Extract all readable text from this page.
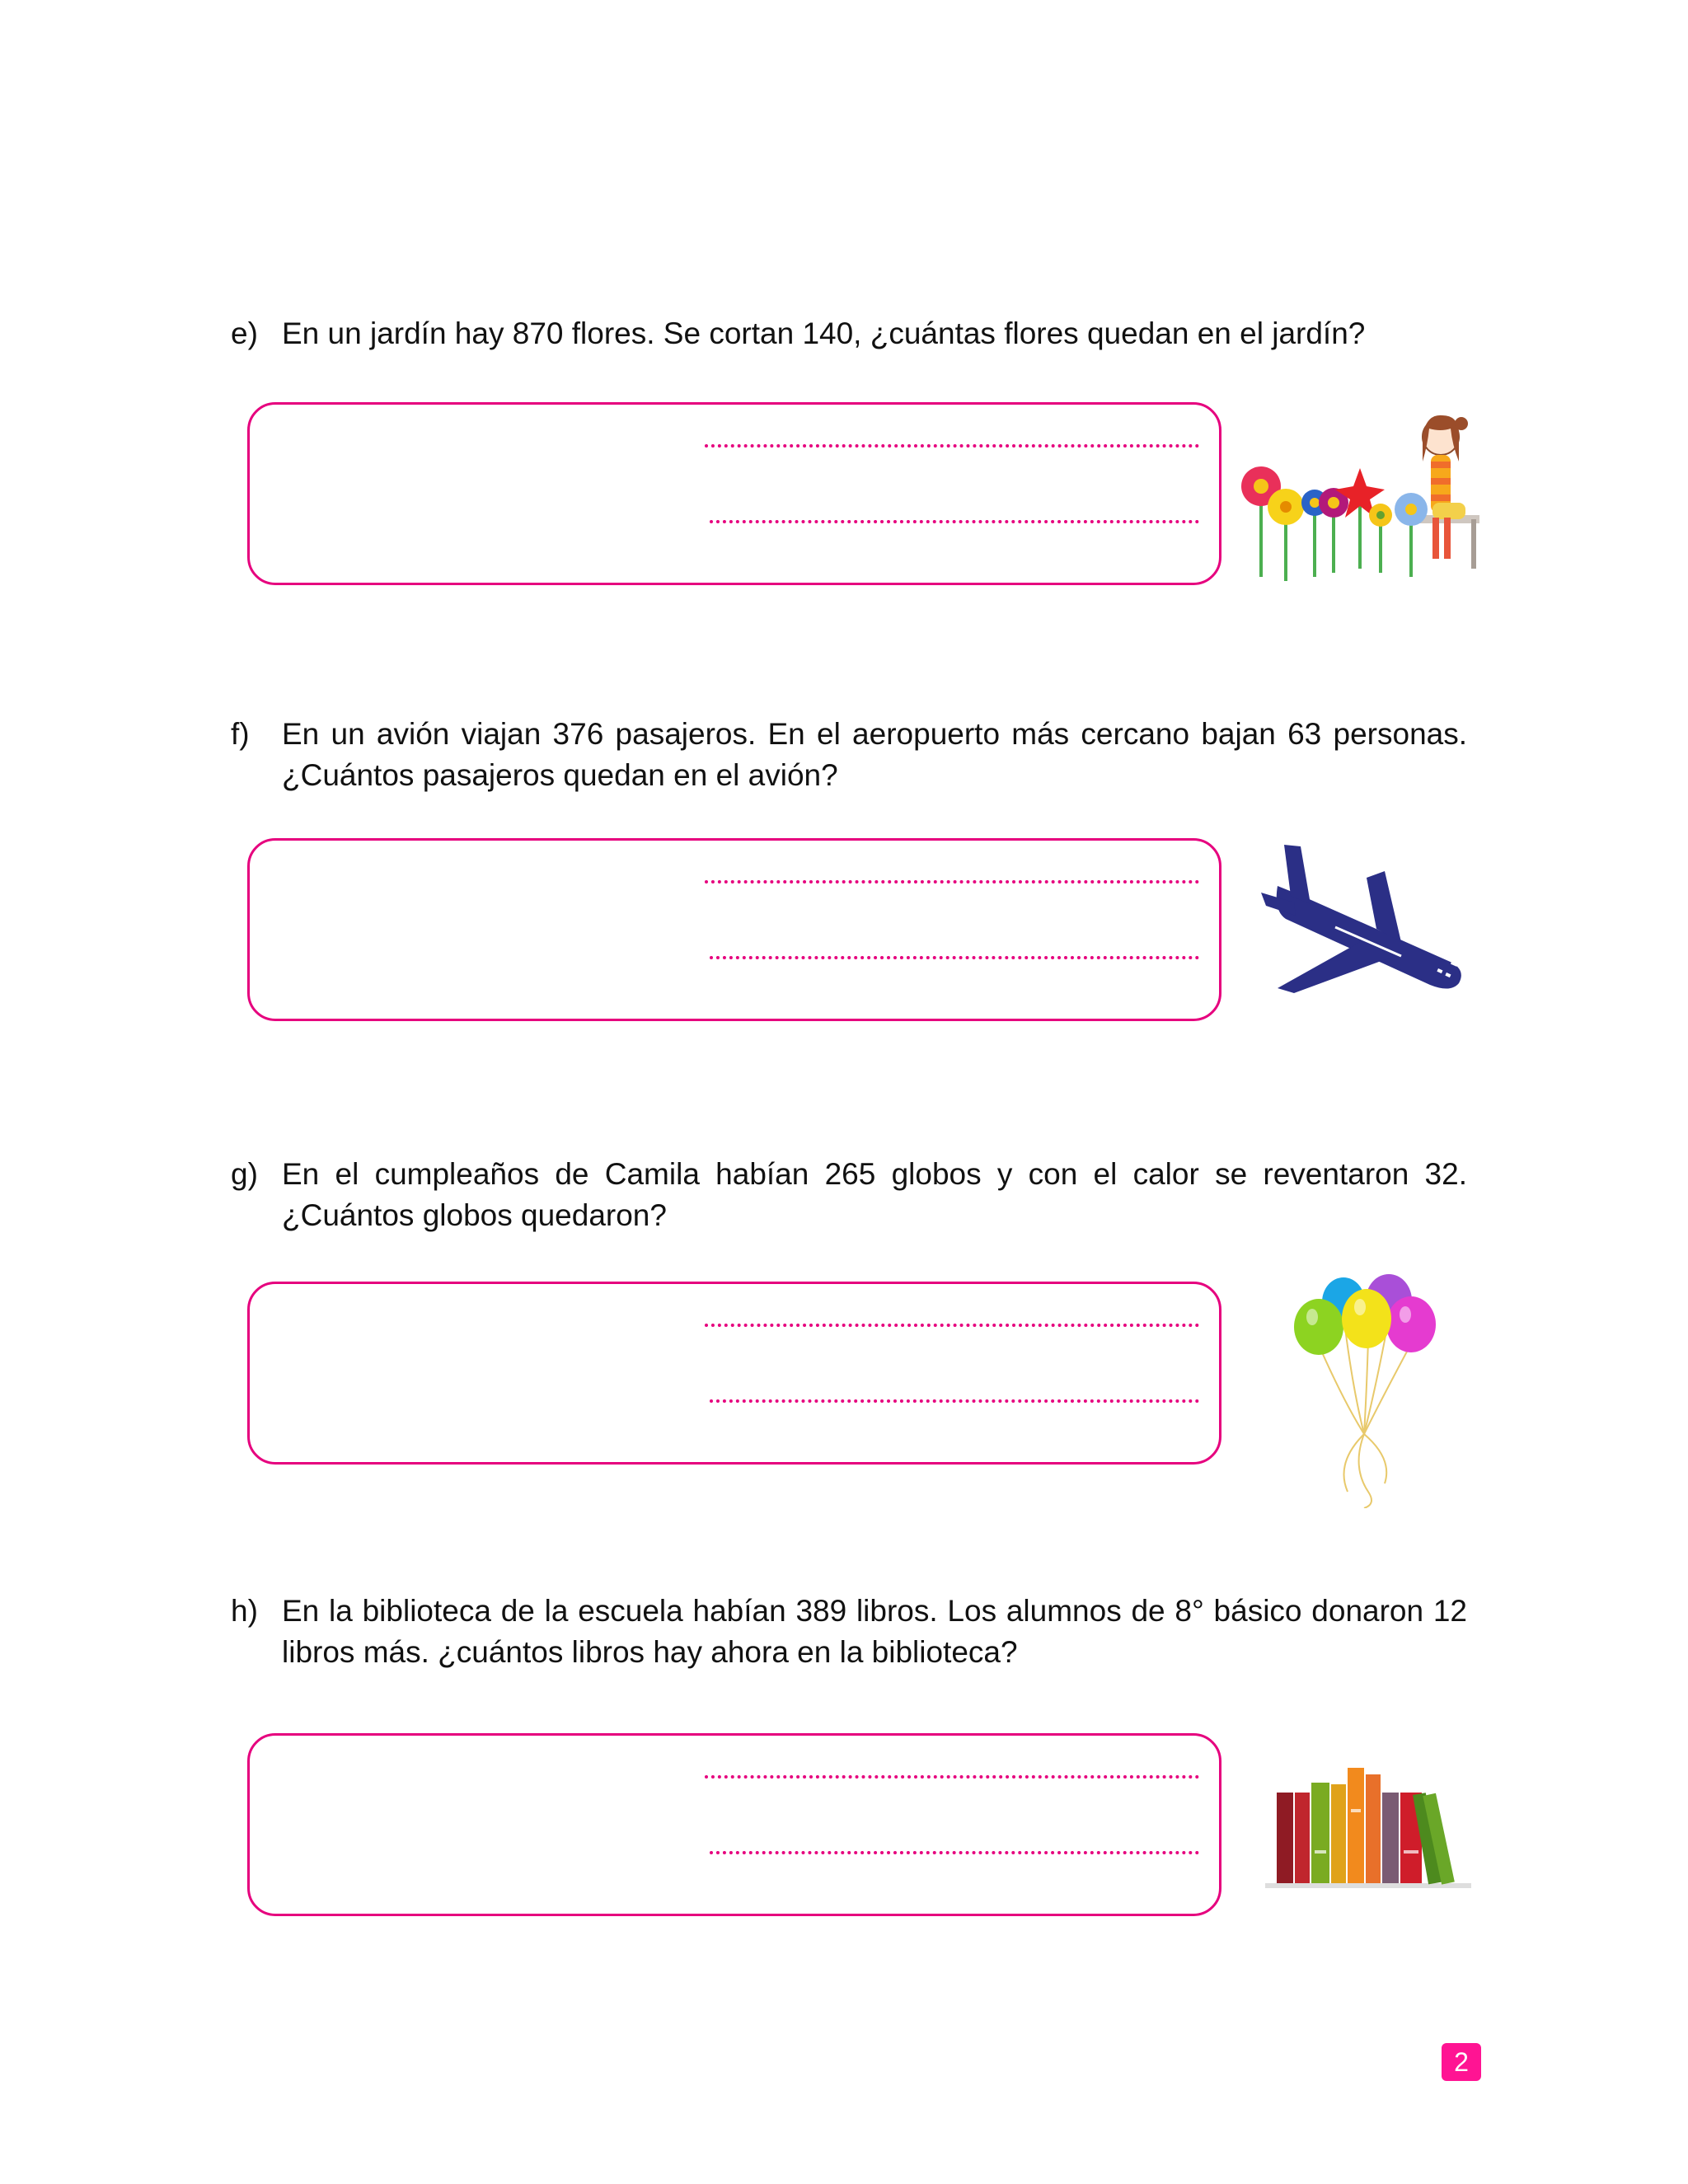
e) En un jardín hay 870 flores. Se cortan 140, ¿cuántas flores quedan en el jardín?
f)	En un avión viajan 376 pasajeros. En el aeropuerto más cercano bajan 63 personas. ¿Cuántos pasajeros quedan en el avión?
g) En el cumpleaños de Camila habían 265 globos y con el calor se reventaron 32. ¿Cuántos globos quedaron?
h) En la biblioteca de la escuela habían 389 libros. Los alumnos de 8° básico donaron 12 libros más. ¿cuántos libros hay ahora en la biblioteca?
2
